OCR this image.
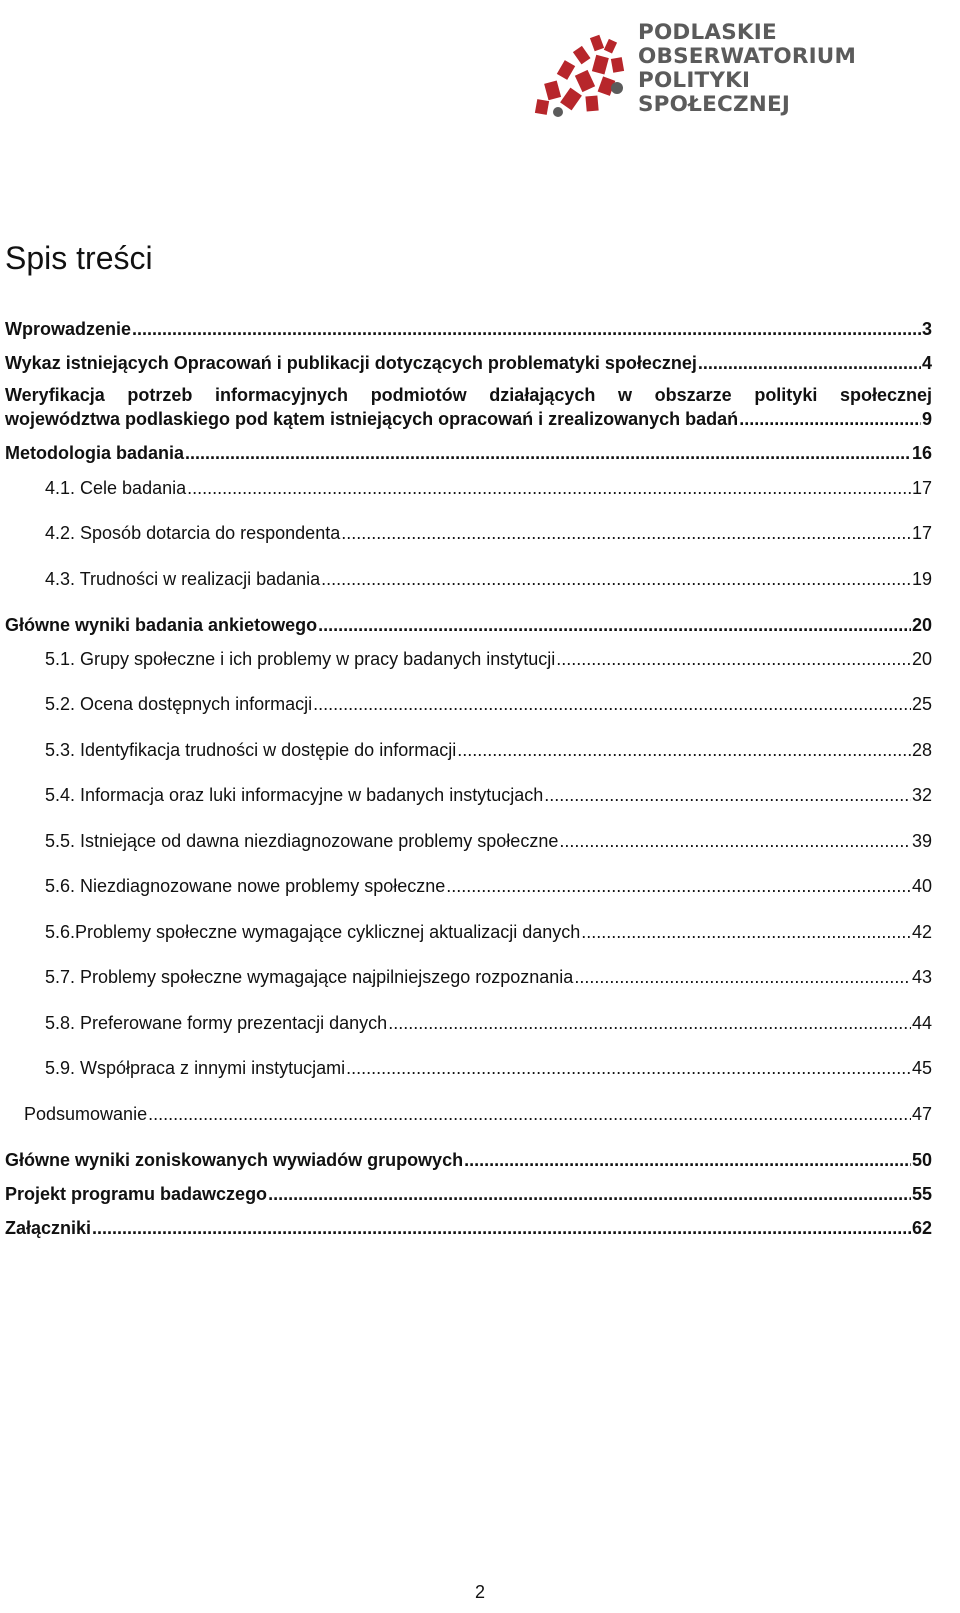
PODLASKIE
OBSERWATORIUM
POLITYKI
SPOŁECZNEJ
Spis treści
Wprowadzenie .....	3
Wykaz istniejących Opracowań i publikacji dotyczących problematyki społecznej .....	4
Weryfikacja potrzeb informacyjnych podmiotów działających w obszarze polityki społecznej
województwa podlaskiego pod kątem istniejących opracowań i zrealizowanych badań .....	9
Metodologia badania .....	16
4.1. Cele badania .....	17
4.2. Sposób dotarcia do respondenta .....	17
4.3. Trudności w realizacji badania .....	19
Główne wyniki badania ankietowego .....	20
5.1. Grupy społeczne i ich problemy w pracy badanych instytucji .....	20
5.2. Ocena dostępnych informacji .....	25
5.3. Identyfikacja trudności w dostępie do informacji .....	28
5.4. Informacja oraz luki informacyjne w badanych instytucjach .....	32
5.5. Istniejące od dawna niezdiagnozowane problemy społeczne .....	39
5.6. Niezdiagnozowane nowe problemy społeczne .....	40
5.6.Problemy społeczne wymagające cyklicznej aktualizacji danych .....	42
5.7. Problemy społeczne wymagające najpilniejszego rozpoznania .....	43
5.8. Preferowane formy prezentacji danych .....	44
5.9. Współpraca z innymi instytucjami .....	45
Podsumowanie .....	47
Główne wyniki zoniskowanych wywiadów grupowych .....	50
Projekt programu badawczego .....	55
Załączniki .....	62
2
